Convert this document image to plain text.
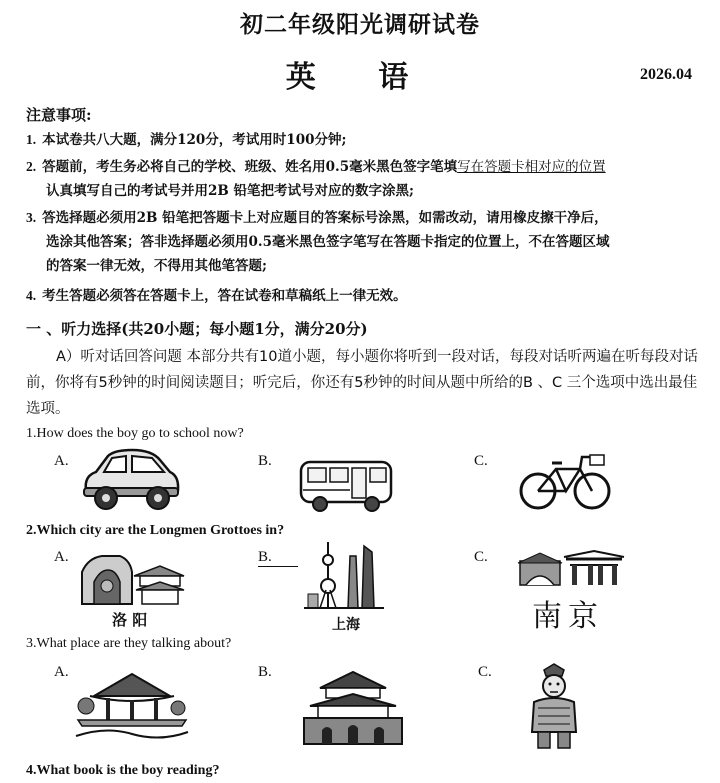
初二年级阳光调研试卷
英 语	2026.04
注意事项:
1. 本试卷共八大题，满分120分，考试用时100分钟;
2. 答题前，考生务必将自己的学校、班级、姓名用0.5毫米黑色签字笔填写在答题卡相对应的位置
认真填写自己的考试号并用2B 铅笔把考试号对应的数字涂黑;
3. 答选择题必须用2B 铅笔把答题卡上对应题目的答案标号涂黑，如需改动，请用橡皮擦干净后，
选涂其他答案；答非选择题必须用0.5毫米黑色签字笔写在答题卡指定的位置上，不在答题区域
的答案一律无效，不得用其他笔答题;
4. 考生答题必须答在答题卡上，答在试卷和草稿纸上一律无效。
一 、听力选择(共20小题；每小题1分，满分20分)
A）听对话回答问题 本部分共有10道小题，每小题你将听到一段对话，每段对话听两遍在听每段对话前，你将有5秒钟的时间阅读题目；听完后，你还有5秒钟的时间从题中所给的B 、C 三个选项中选出最佳选项。
1.How does the boy go to school now?
A.	B.	C.
2.Which city are the Longmen Grottoes in?
A.	B.	C.
洛 阳	上海	南京
3.What place are they talking about?
A.	B.	C.
4.What book is the boy reading?
